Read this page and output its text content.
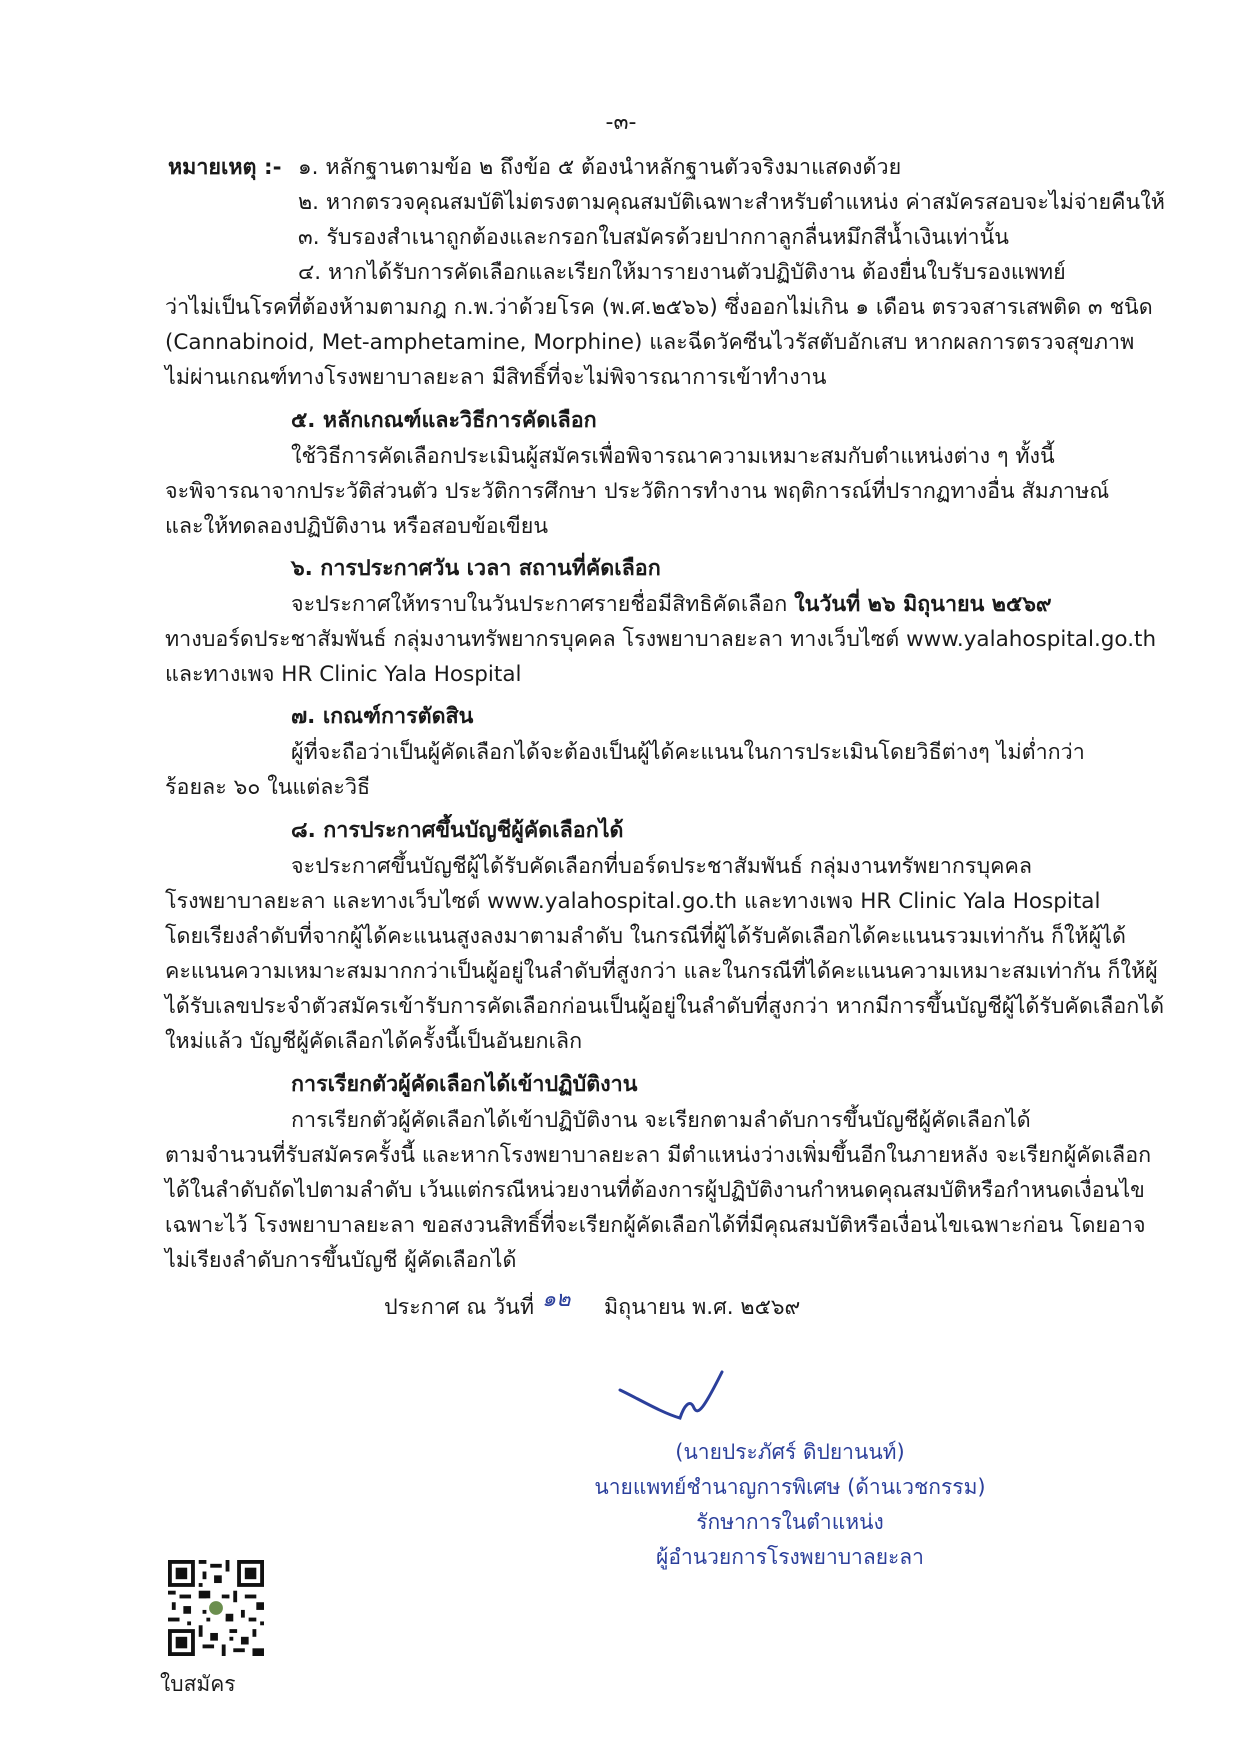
-๓-
หมายเหตุ :- ๑. หลักฐานตามข้อ ๒ ถึงข้อ ๕ ต้องนำหลักฐานตัวจริงมาแสดงด้วย
๒. หากตรวจคุณสมบัติไม่ตรงตามคุณสมบัติเฉพาะสำหรับตำแหน่ง ค่าสมัครสอบจะไม่จ่ายคืนให้
๓. รับรองสำเนาถูกต้องและกรอกใบสมัครด้วยปากกาลูกลื่นหมึกสีน้ำเงินเท่านั้น
๔. หากได้รับการคัดเลือกและเรียกให้มารายงานตัวปฏิบัติงาน ต้องยื่นใบรับรองแพทย์
ว่าไม่เป็นโรคที่ต้องห้ามตามกฎ ก.พ.ว่าด้วยโรค (พ.ศ.๒๕๖๖) ซึ่งออกไม่เกิน ๑ เดือน ตรวจสารเสพติด ๓ ชนิด
(Cannabinoid, Met-amphetamine, Morphine) และฉีดวัคซีนไวรัสตับอักเสบ หากผลการตรวจสุขภาพ
ไม่ผ่านเกณฑ์ทางโรงพยาบาลยะลา มีสิทธิ์ที่จะไม่พิจารณาการเข้าทำงาน
๕. หลักเกณฑ์และวิธีการคัดเลือก
ใช้วิธีการคัดเลือกประเมินผู้สมัครเพื่อพิจารณาความเหมาะสมกับตำแหน่งต่าง ๆ ทั้งนี้
จะพิจารณาจากประวัติส่วนตัว ประวัติการศึกษา ประวัติการทำงาน พฤติการณ์ที่ปรากฏทางอื่น สัมภาษณ์
และให้ทดลองปฏิบัติงาน หรือสอบข้อเขียน
๖. การประกาศวัน เวลา สถานที่คัดเลือก
จะประกาศให้ทราบในวันประกาศรายชื่อมีสิทธิคัดเลือก ในวันที่ ๒๖ มิถุนายน ๒๕๖๙
ทางบอร์ดประชาสัมพันธ์ กลุ่มงานทรัพยากรบุคคล โรงพยาบาลยะลา ทางเว็บไซต์ www.yalahospital.go.th
และทางเพจ HR Clinic Yala Hospital
๗. เกณฑ์การตัดสิน
ผู้ที่จะถือว่าเป็นผู้คัดเลือกได้จะต้องเป็นผู้ได้คะแนนในการประเมินโดยวิธีต่างๆ ไม่ต่ำกว่า
ร้อยละ ๖๐ ในแต่ละวิธี
๘. การประกาศขึ้นบัญชีผู้คัดเลือกได้
จะประกาศขึ้นบัญชีผู้ได้รับคัดเลือกที่บอร์ดประชาสัมพันธ์ กลุ่มงานทรัพยากรบุคคล
โรงพยาบาลยะลา และทางเว็บไซต์ www.yalahospital.go.th และทางเพจ HR Clinic Yala Hospital
โดยเรียงลำดับที่จากผู้ได้คะแนนสูงลงมาตามลำดับ ในกรณีที่ผู้ได้รับคัดเลือกได้คะแนนรวมเท่ากัน ก็ให้ผู้ได้
คะแนนความเหมาะสมมากกว่าเป็นผู้อยู่ในลำดับที่สูงกว่า และในกรณีที่ได้คะแนนความเหมาะสมเท่ากัน ก็ให้ผู้
ได้รับเลขประจำตัวสมัครเข้ารับการคัดเลือกก่อนเป็นผู้อยู่ในลำดับที่สูงกว่า หากมีการขึ้นบัญชีผู้ได้รับคัดเลือกได้
ใหม่แล้ว บัญชีผู้คัดเลือกได้ครั้งนี้เป็นอันยกเลิก
การเรียกตัวผู้คัดเลือกได้เข้าปฏิบัติงาน
การเรียกตัวผู้คัดเลือกได้เข้าปฏิบัติงาน จะเรียกตามลำดับการขึ้นบัญชีผู้คัดเลือกได้
ตามจำนวนที่รับสมัครครั้งนี้ และหากโรงพยาบาลยะลา มีตำแหน่งว่างเพิ่มขึ้นอีกในภายหลัง จะเรียกผู้คัดเลือก
ได้ในลำดับถัดไปตามลำดับ เว้นแต่กรณีหน่วยงานที่ต้องการผู้ปฏิบัติงานกำหนดคุณสมบัติหรือกำหนดเงื่อนไข
เฉพาะไว้ โรงพยาบาลยะลา ขอสงวนสิทธิ์ที่จะเรียกผู้คัดเลือกได้ที่มีคุณสมบัติหรือเงื่อนไขเฉพาะก่อน โดยอาจ
ไม่เรียงลำดับการขึ้นบัญชี ผู้คัดเลือกได้
ประกาศ ณ วันที่ ๑๒ มิถุนายน พ.ศ. ๒๕๖๙
(นายประภัศร์ ดิปยานนท์)
นายแพทย์ชำนาญการพิเศษ (ด้านเวชกรรม)
รักษาการในตำแหน่ง
ผู้อำนวยการโรงพยาบาลยะลา
ใบสมัคร
